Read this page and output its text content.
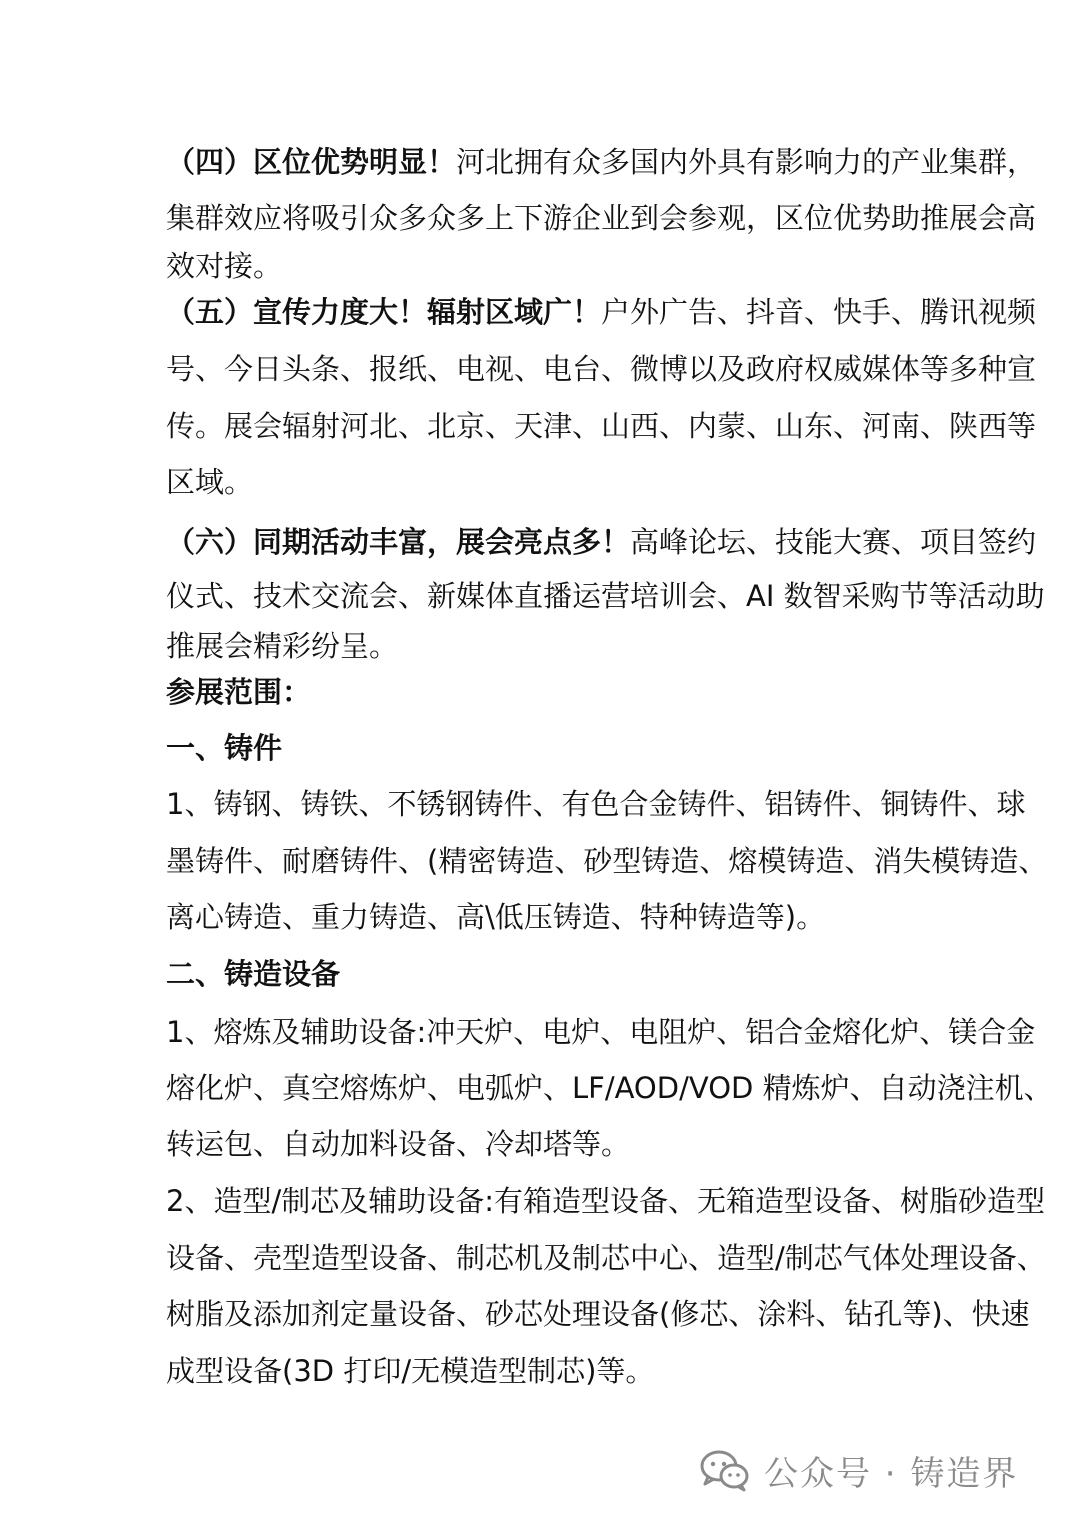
（四）区位优势明显！河北拥有众多国内外具有影响力的产业集群，
集群效应将吸引众多众多上下游企业到会参观，区位优势助推展会高
效对接。
（五）宣传力度大！辐射区域广！户外广告、抖音、快手、腾讯视频
号、今日头条、报纸、电视、电台、微博以及政府权威媒体等多种宣
传。展会辐射河北、北京、天津、山西、内蒙、山东、河南、陕西等
区域。
（六）同期活动丰富，展会亮点多！高峰论坛、技能大赛、项目签约
仪式、技术交流会、新媒体直播运营培训会、AI 数智采购节等活动助
推展会精彩纷呈。
参展范围：
一、铸件
1、铸钢、铸铁、不锈钢铸件、有色合金铸件、铝铸件、铜铸件、球
墨铸件、耐磨铸件、(精密铸造、砂型铸造、熔模铸造、消失模铸造、
离心铸造、重力铸造、高\低压铸造、特种铸造等)。
二、铸造设备
1、熔炼及辅助设备:冲天炉、电炉、电阻炉、铝合金熔化炉、镁合金
熔化炉、真空熔炼炉、电弧炉、LF/AOD/VOD 精炼炉、自动浇注机、
转运包、自动加料设备、冷却塔等。
2、造型/制芯及辅助设备:有箱造型设备、无箱造型设备、树脂砂造型
设备、壳型造型设备、制芯机及制芯中心、造型/制芯气体处理设备、
树脂及添加剂定量设备、砂芯处理设备(修芯、涂料、钻孔等)、快速
成型设备(3D 打印/无模造型制芯)等。
公众号 · 铸造界
